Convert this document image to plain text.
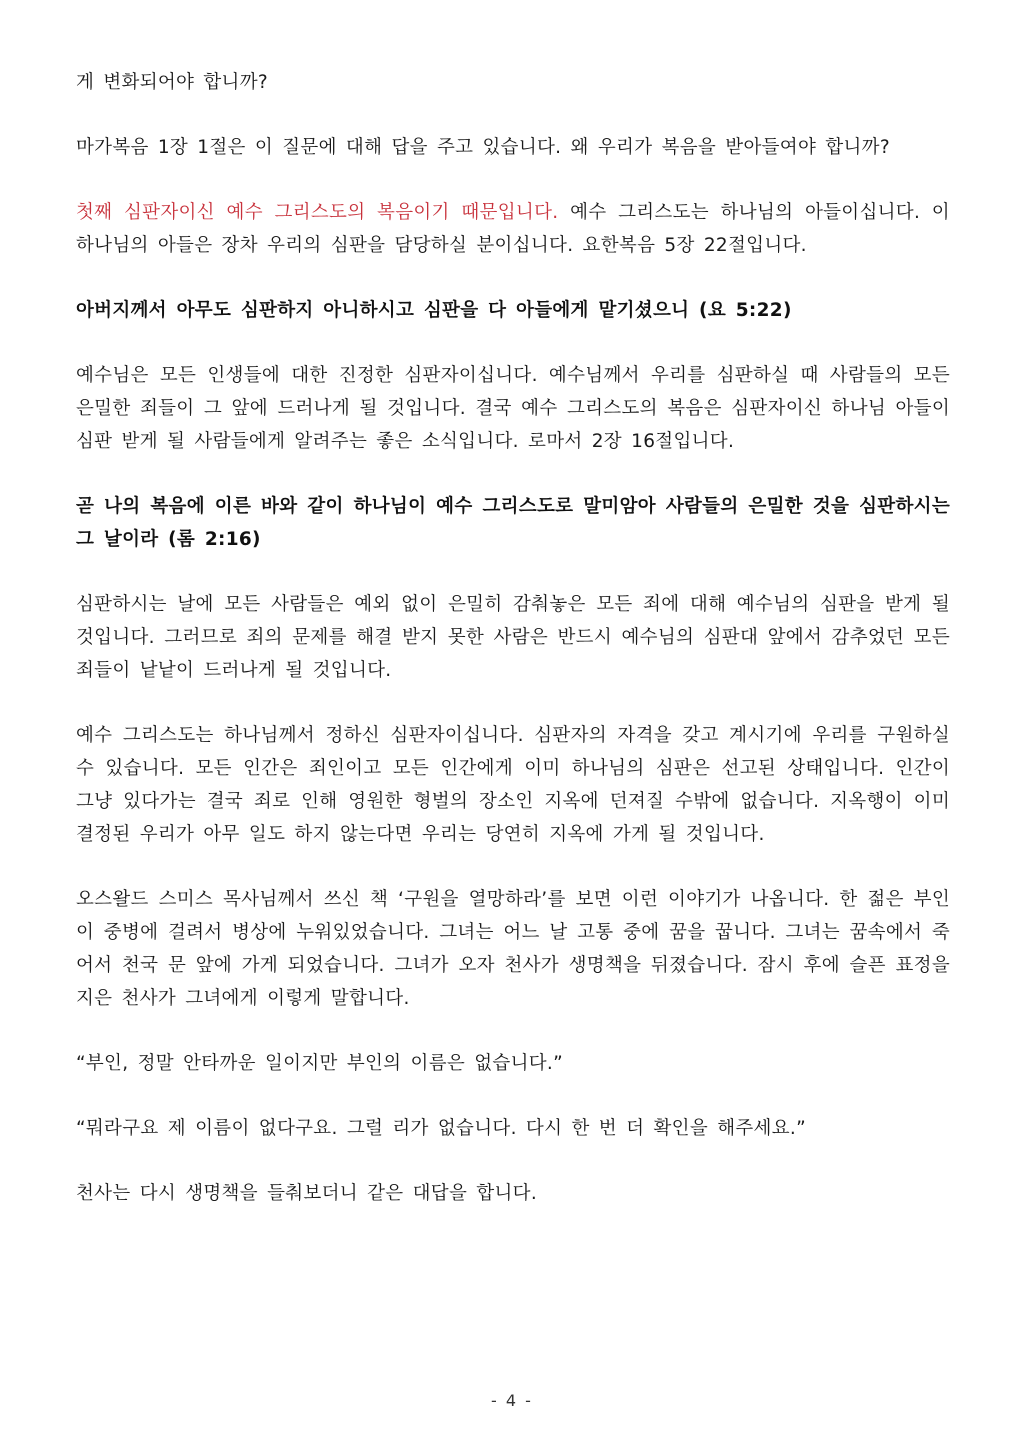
게 변화되어야 합니까?

마가복음 1장 1절은 이 질문에 대해 답을 주고 있습니다. 왜 우리가 복음을 받아들여야 합니까?

첫째 심판자이신 예수 그리스도의 복음이기 때문입니다. 예수 그리스도는 하나님의 아들이십니다. 이 하나님의 아들은 장차 우리의 심판을 담당하실 분이십니다. 요한복음 5장 22절입니다.

아버지께서 아무도 심판하지 아니하시고 심판을 다 아들에게 맡기셨으니 (요 5:22)

예수님은 모든 인생들에 대한 진정한 심판자이십니다. 예수님께서 우리를 심판하실 때 사람들의 모든 은밀한 죄들이 그 앞에 드러나게 될 것입니다. 결국 예수 그리스도의 복음은 심판자이신 하나님 아들이 심판 받게 될 사람들에게 알려주는 좋은 소식입니다. 로마서 2장 16절입니다.

곧 나의 복음에 이른 바와 같이 하나님이 예수 그리스도로 말미암아 사람들의 은밀한 것을 심판하시는 그 날이라 (롬 2:16)

심판하시는 날에 모든 사람들은 예외 없이 은밀히 감춰놓은 모든 죄에 대해 예수님의 심판을 받게 될 것입니다. 그러므로 죄의 문제를 해결 받지 못한 사람은 반드시 예수님의 심판대 앞에서 감추었던 모든 죄들이 낱낱이 드러나게 될 것입니다.

예수 그리스도는 하나님께서 정하신 심판자이십니다. 심판자의 자격을 갖고 계시기에 우리를 구원하실 수 있습니다. 모든 인간은 죄인이고 모든 인간에게 이미 하나님의 심판은 선고된 상태입니다. 인간이 그냥 있다가는 결국 죄로 인해 영원한 형벌의 장소인 지옥에 던져질 수밖에 없습니다. 지옥행이 이미 결정된 우리가 아무 일도 하지 않는다면 우리는 당연히 지옥에 가게 될 것입니다.

오스왈드 스미스 목사님께서 쓰신 책 ‘구원을 열망하라’를 보면 이런 이야기가 나옵니다. 한 젊은 부인이 중병에 걸려서 병상에 누워있었습니다. 그녀는 어느 날 고통 중에 꿈을 꿉니다. 그녀는 꿈속에서 죽어서 천국 문 앞에 가게 되었습니다. 그녀가 오자 천사가 생명책을 뒤졌습니다. 잠시 후에 슬픈 표정을 지은 천사가 그녀에게 이렇게 말합니다.

“부인, 정말 안타까운 일이지만 부인의 이름은 없습니다.”

“뭐라구요 제 이름이 없다구요. 그럴 리가 없습니다. 다시 한 번 더 확인을 해주세요.”

천사는 다시 생명책을 들춰보더니 같은 대답을 합니다.

- 4 -
